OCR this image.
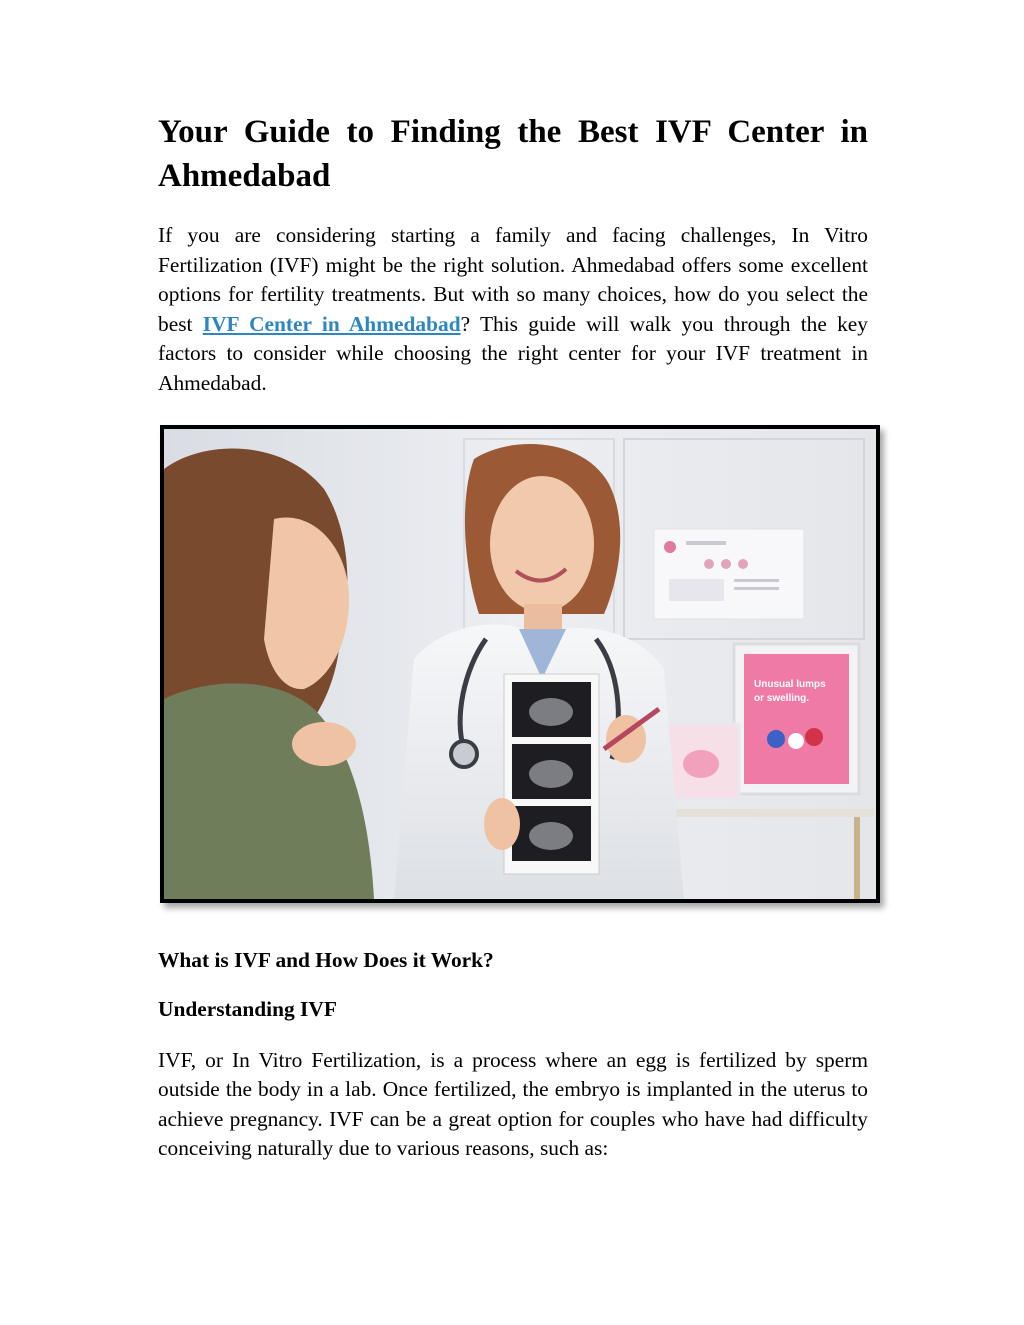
Your Guide to Finding the Best IVF Center in Ahmedabad

If you are considering starting a family and facing challenges, In Vitro Fertilization (IVF) might be the right solution. Ahmedabad offers some excellent options for fertility treatments. But with so many choices, how do you select the best IVF Center in Ahmedabad? This guide will walk you through the key factors to consider while choosing the right center for your IVF treatment in Ahmedabad.

Unusual lumps
or swelling.
What is IVF and How Does it Work?
Understanding IVF

IVF, or In Vitro Fertilization, is a process where an egg is fertilized by sperm outside the body in a lab. Once fertilized, the embryo is implanted in the uterus to achieve pregnancy. IVF can be a great option for couples who have had difficulty conceiving naturally due to various reasons, such as:
